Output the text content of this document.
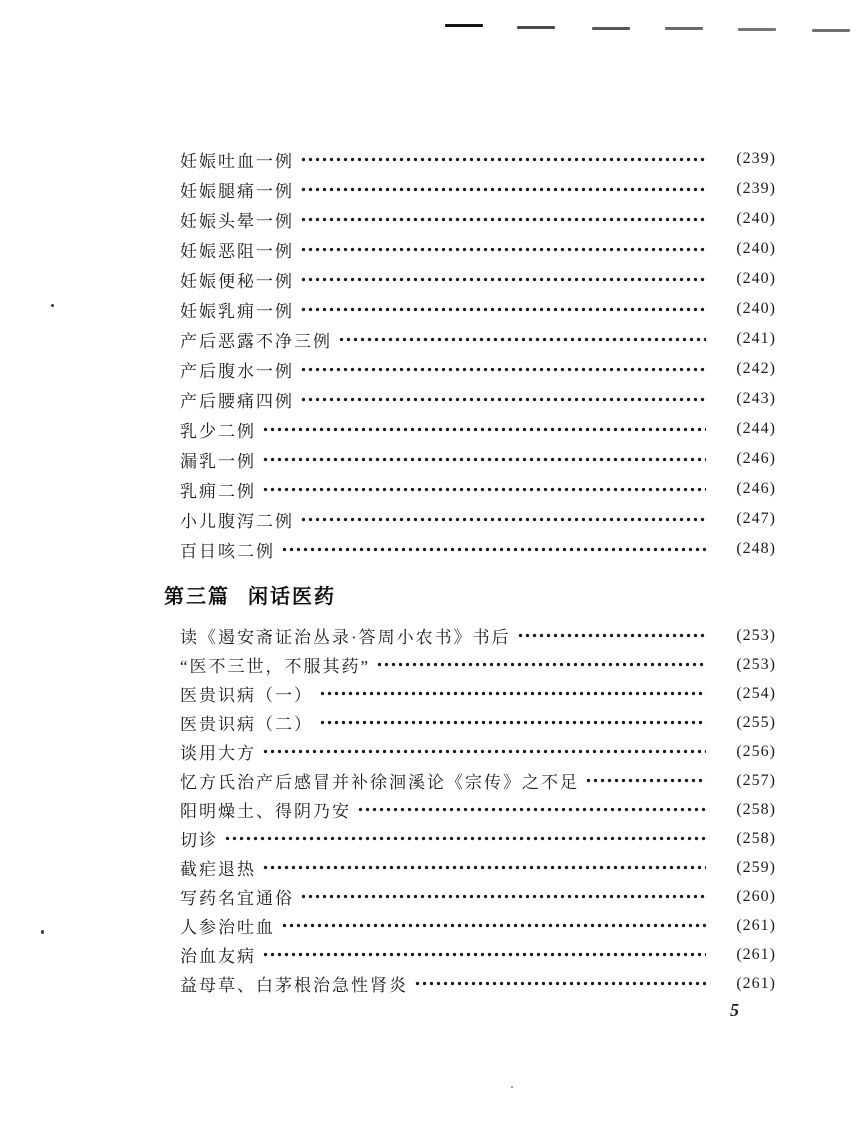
妊娠吐血一例	(239)
妊娠腿痛一例	(239)
妊娠头晕一例	(240)
妊娠恶阻一例	(240)
妊娠便秘一例	(240)
妊娠乳痈一例	(240)
产后恶露不净三例	(241)
产后腹水一例	(242)
产后腰痛四例	(243)
乳少二例	(244)
漏乳一例	(246)
乳痈二例	(246)
小儿腹泻二例	(247)
百日咳二例	(248)
第三篇 闲话医药
读《遏安斋证治丛录·答周小农书》书后	(253)
“医不三世，不服其药”	(253)
医贵识病（一）	(254)
医贵识病（二）	(255)
谈用大方	(256)
忆方氏治产后感冒并补徐洄溪论《宗传》之不足	(257)
阳明燥土、得阴乃安	(258)
切诊	(258)
截疟退热	(259)
写药名宜通俗	(260)
人参治吐血	(261)
治血友病	(261)
益母草、白茅根治急性肾炎	(261)
5
